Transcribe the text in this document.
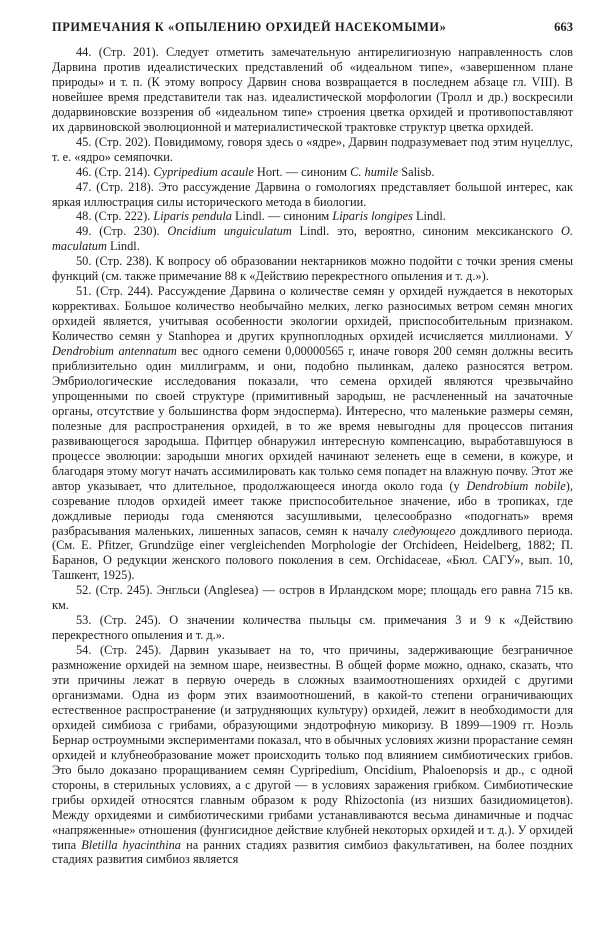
ПРИМЕЧАНИЯ К «ОПЫЛЕНИЮ ОРХИДЕЙ НАСЕКОМЫМИ»	663

44. (Стр. 201). Следует отметить замечательную антирелигиозную направленность слов Дарвина против идеалистических представлений об «идеальном типе», «завершенном плане природы» и т. п. (К этому вопросу Дарвин снова возвращается в последнем абзаце гл. VIII). В новейшее время представители так наз. идеалистической морфологии (Тролл и др.) воскресили додарвиновские воззрения об «идеальном типе» строения цветка орхидей и противопоставляют их дарвиновской эволюционной и материалистической трактовке структур цветка орхидей.

45. (Стр. 202). Повидимому, говоря здесь о «ядре», Дарвин подразумевает под этим нуцеллус, т. е. «ядро» семяпочки.

46. (Стр. 214). Cypripedium acaule Hort. — синоним C. humile Salisb.

47. (Стр. 218). Это рассуждение Дарвина о гомологиях представляет большой интерес, как яркая иллюстрация силы исторического метода в биологии.

48. (Стр. 222). Liparis pendula Lindl. — синоним Liparis longipes Lindl.

49. (Стр. 230). Oncidium unguiculatum Lindl. это, вероятно, синоним мексиканского O. maculatum Lindl.

50. (Стр. 238). К вопросу об образовании нектарников можно подойти с точки зрения смены функций (см. также примечание 88 к «Действию перекрестного опыления и т. д.»).

51. (Стр. 244). Рассуждение Дарвина о количестве семян у орхидей нуждается в некоторых коррективах. Большое количество необычайно мелких, легко разносимых ветром семян многих орхидей является, учитывая особенности экологии орхидей, приспособительным признаком. Количество семян у Stanhopea и других крупноплодных орхидей исчисляется миллионами. У Dendrobium antennatum вес одного семени 0,00000565 г, иначе говоря 200 семян должны весить приблизительно один миллиграмм, и они, подобно пылинкам, далеко разносятся ветром. Эмбриологические исследования показали, что семена орхидей являются чрезвычайно упрощенными по своей структуре (примитивный зародыш, не расчлененный на зачаточные органы, отсутствие у большинства форм эндосперма). Интересно, что маленькие размеры семян, полезные для распространения орхидей, в то же время невыгодны для процессов питания развивающегося зародыша. Пфитцер обнаружил интересную компенсацию, выработавшуюся в процессе эволюции: зародыши многих орхидей начинают зеленеть еще в семени, в кожуре, и благодаря этому могут начать ассимилировать как только семя попадет на влажную почву. Этот же автор указывает, что длительное, продолжающееся иногда около года (у Dendrobium nobile), созревание плодов орхидей имеет также приспособительное значение, ибо в тропиках, где дождливые периоды года сменяются засушливыми, целесообразно «подогнать» время разбрасывания маленьких, лишенных запасов, семян к началу следующего дождливого периода. (См. E. Pfitzer, Grundzüge einer vergleichenden Morphologie der Orchideen, Heidelberg, 1882; П. Баранов, О редукции женского полового поколения в сем. Orchidaceae, «Бюл. САГУ», вып. 10, Ташкент, 1925).

52. (Стр. 245). Энгльси (Anglesea) — остров в Ирландском море; площадь его равна 715 кв. км.

53. (Стр. 245). О значении количества пыльцы см. примечания 3 и 9 к «Действию перекрестного опыления и т. д.».

54. (Стр. 245). Дарвин указывает на то, что причины, задерживающие безграничное размножение орхидей на земном шаре, неизвестны. В общей форме можно, однако, сказать, что эти причины лежат в первую очередь в сложных взаимоотношениях орхидей с другими организмами. Одна из форм этих взаимоотношений, в какой-то степени ограничивающих естественное распространение (и затрудняющих культуру) орхидей, лежит в необходимости для орхидей симбиоза с грибами, образующими эндотрофную микоризу. В 1899—1909 гг. Ноэль Бернар остроумными экспериментами показал, что в обычных условиях жизни прорастание семян орхидей и клубнеобразование может происходить только под влиянием симбиотических грибов. Это было доказано проращиванием семян Cypripedium, Oncidium, Phaloenopsis и др., с одной стороны, в стерильных условиях, а с другой — в условиях заражения грибком. Симбиотические грибы орхидей относятся главным образом к роду Rhizoctonia (из низших базидиомицетов). Между орхидеями и симбиотическими грибами устанавливаются весьма динамичные и подчас «напряженные» отношения (фунгисидное действие клубней некоторых орхидей и т. д.). У орхидей типа Bletilla hyacinthina на ранних стадиях развития симбиоз факультативен, на более поздних стадиях развития симбиоз является
